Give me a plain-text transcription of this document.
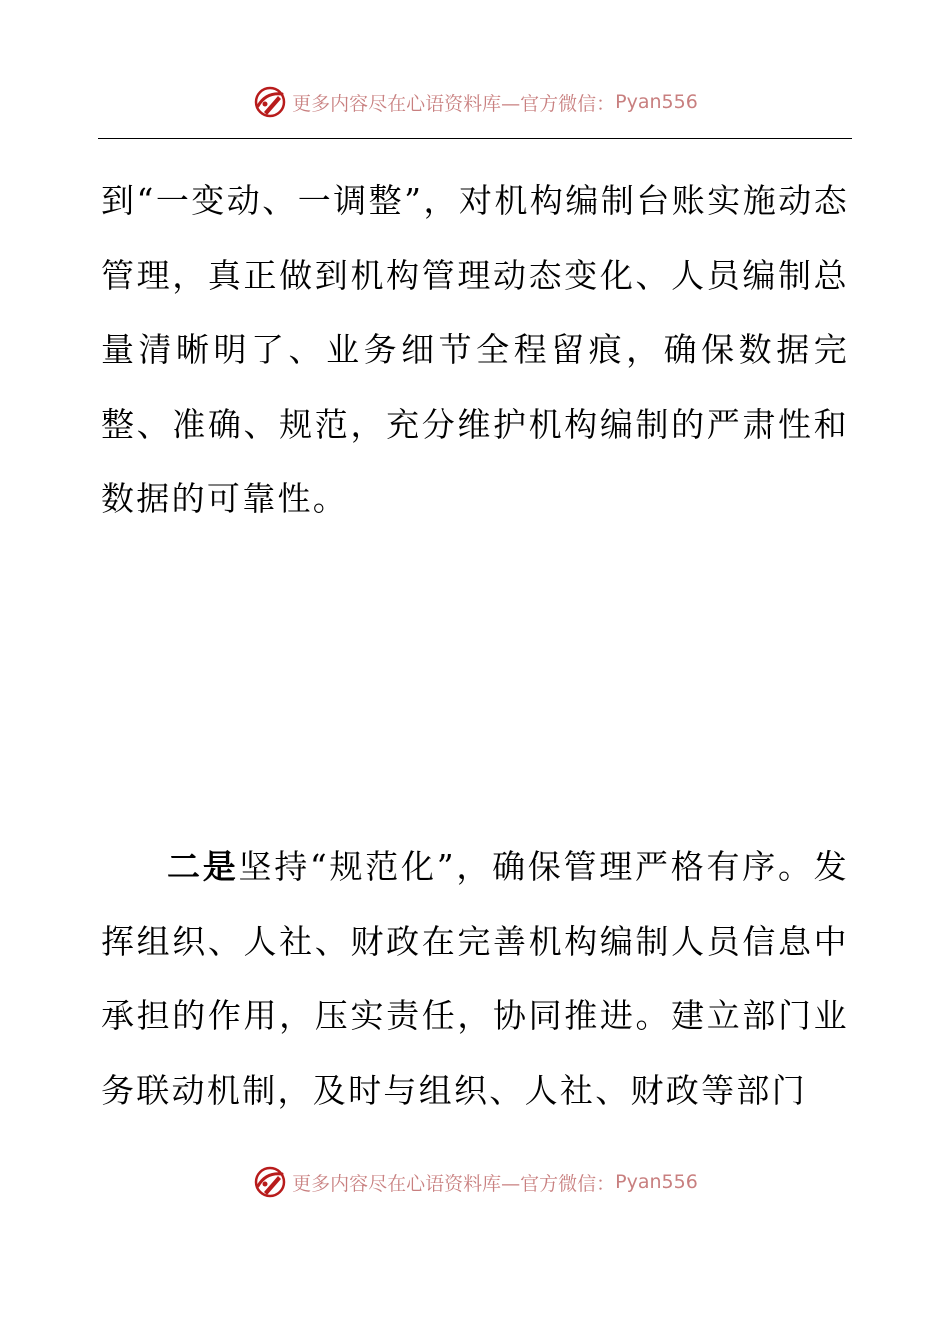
更多内容尽在心语资料库—官方微信： Pyan556

到“一变动、一调整”，对机构编制台账实施动态管理，真正做到机构管理动态变化、人员编制总量清晰明了、业务细节全程留痕，确保数据完整、准确、规范，充分维护机构编制的严肃性和数据的可靠性。

二是坚持“规范化”，确保管理严格有序。发挥组织、人社、财政在完善机构编制人员信息中承担的作用，压实责任，协同推进。建立部门业务联动机制，及时与组织、人社、财政等部门

更多内容尽在心语资料库—官方微信： Pyan556
